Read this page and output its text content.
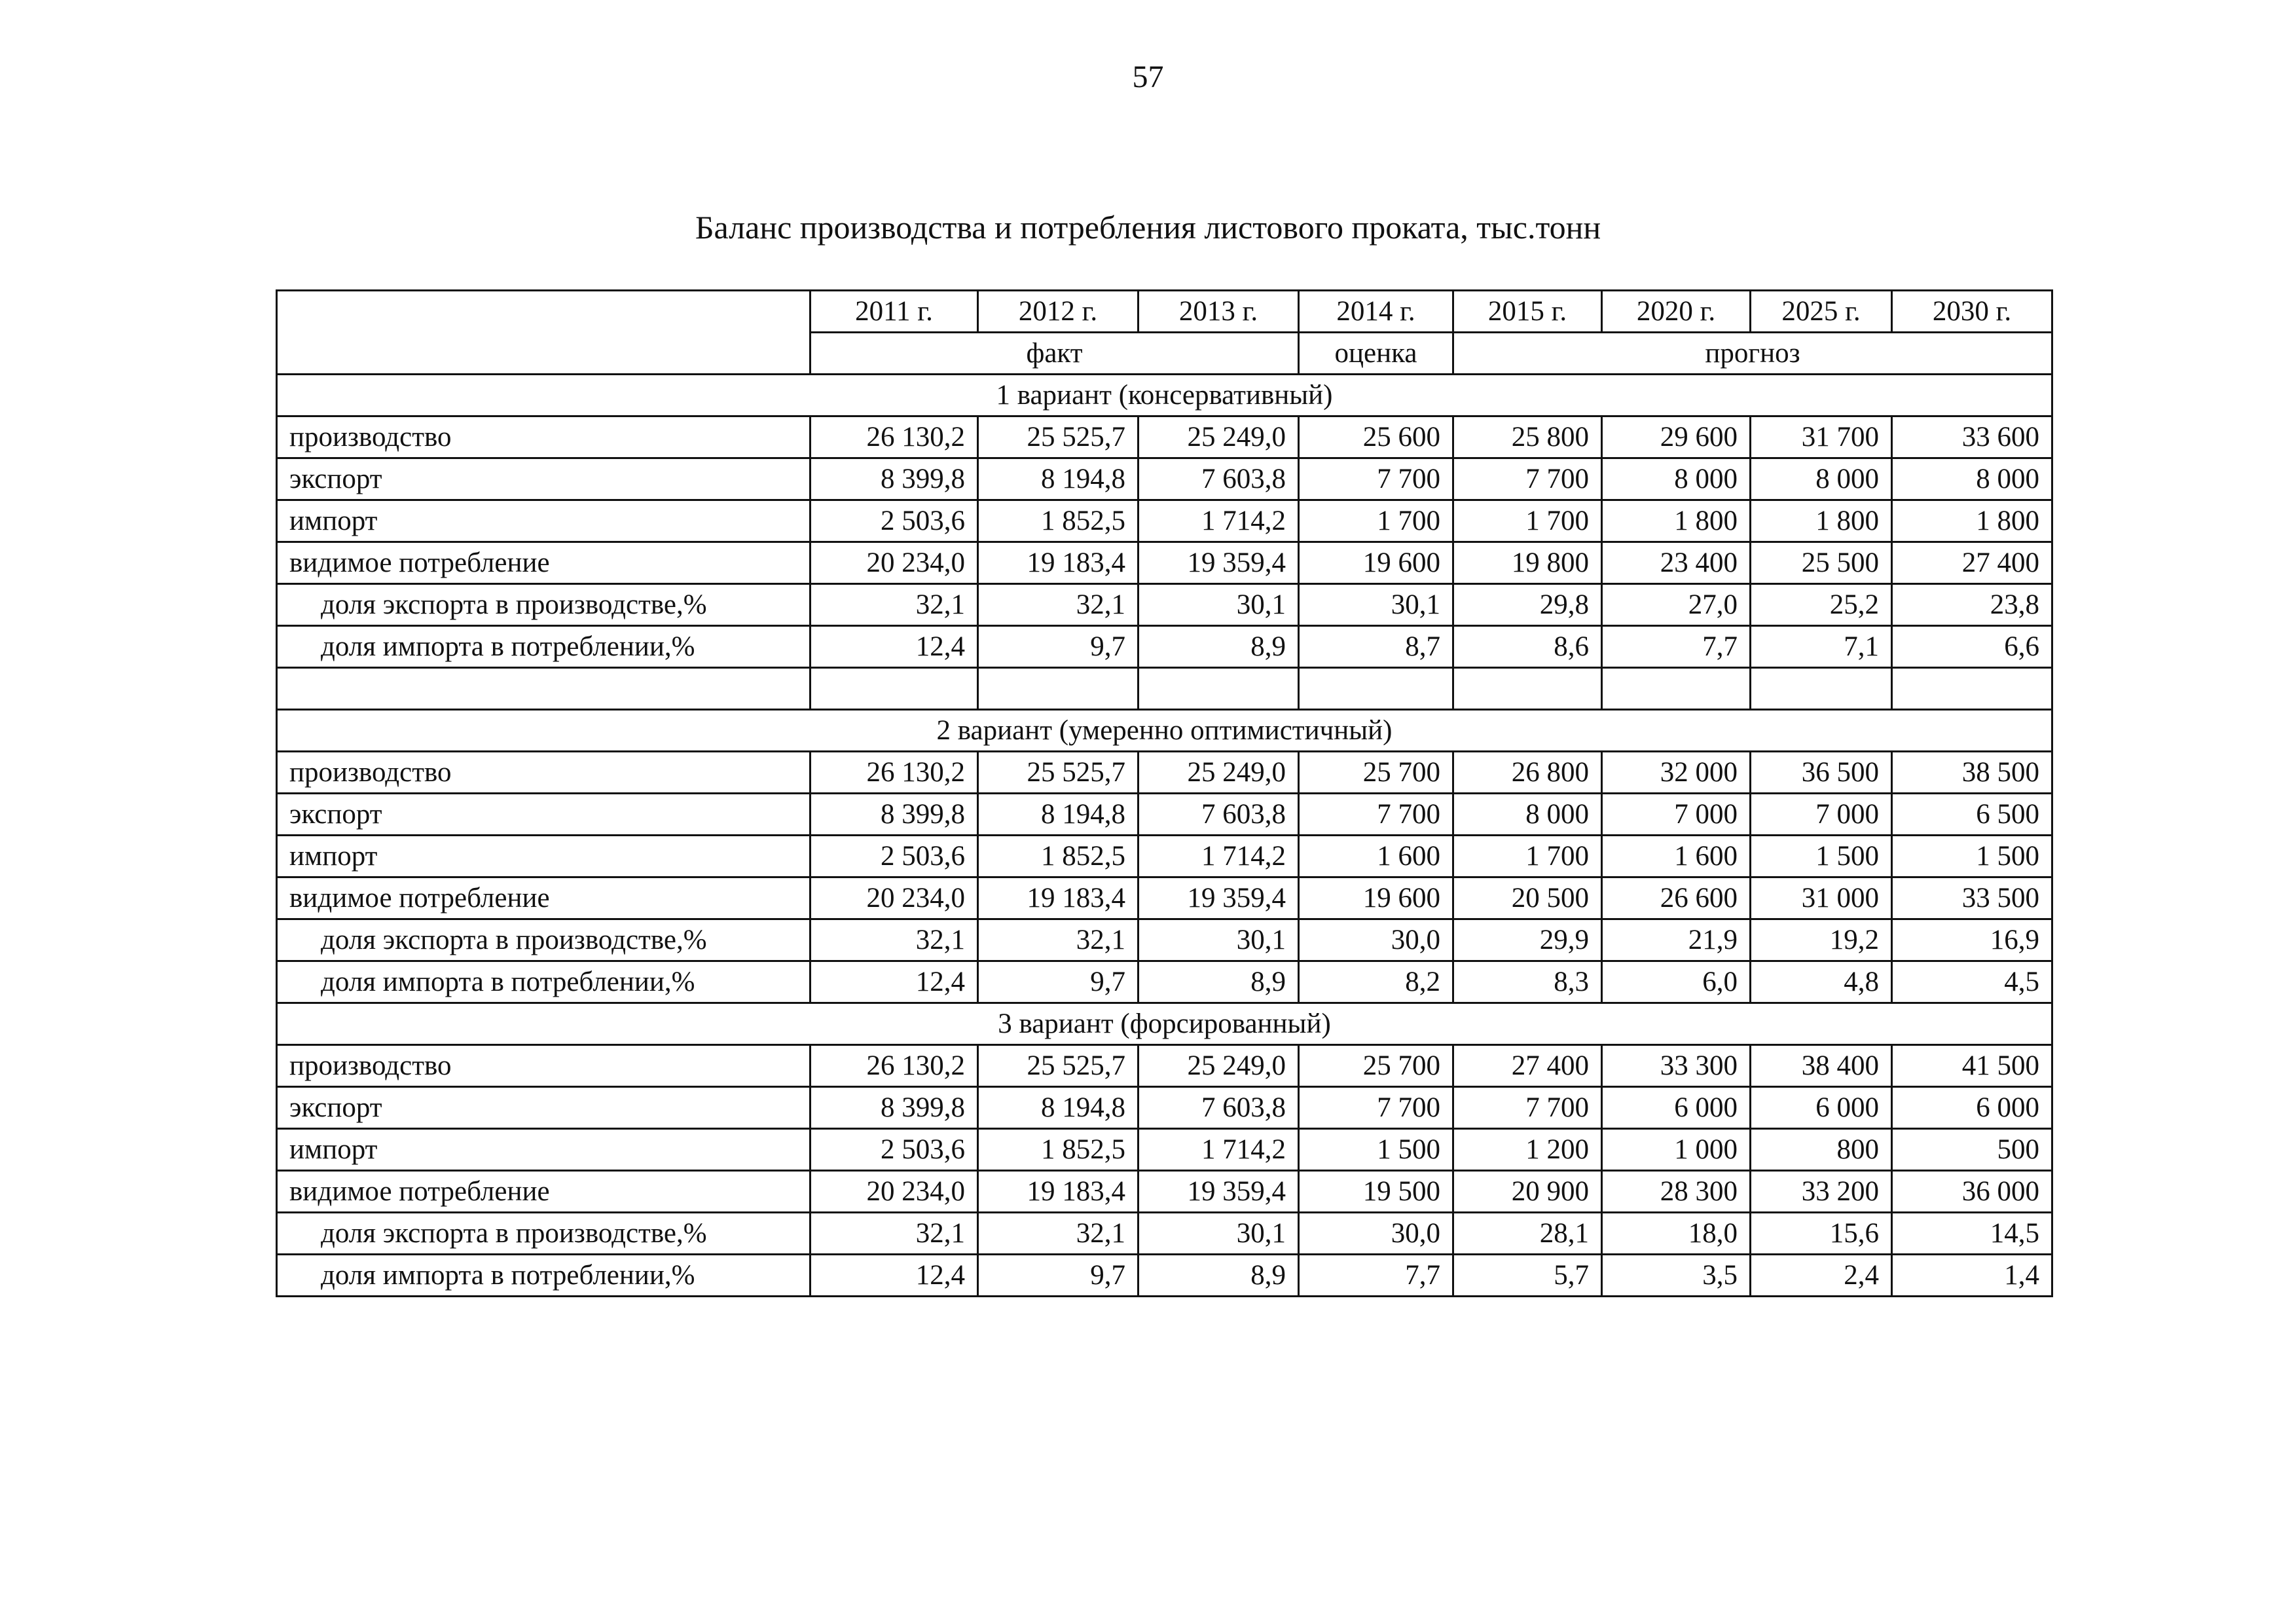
57
Баланс производства и потребления листового проката, тыс.тонн
	2011 г.	2012 г.	2013 г.	2014 г.	2015 г.	2020 г.	2025 г.	2030 г.
	факт			оценка	прогноз			
1 вариант (консервативный)								
производство	26 130,2	25 525,7	25 249,0	25 600	25 800	29 600	31 700	33 600
экспорт	8 399,8	8 194,8	7 603,8	7 700	7 700	8 000	8 000	8 000
импорт	2 503,6	1 852,5	1 714,2	1 700	1 700	1 800	1 800	1 800
видимое потребление	20 234,0	19 183,4	19 359,4	19 600	19 800	23 400	25 500	27 400
доля экспорта в производстве,%	32,1	32,1	30,1	30,1	29,8	27,0	25,2	23,8
доля импорта в потреблении,%	12,4	9,7	8,9	8,7	8,6	7,7	7,1	6,6

2 вариант (умеренно оптимистичный)								
производство	26 130,2	25 525,7	25 249,0	25 700	26 800	32 000	36 500	38 500
экспорт	8 399,8	8 194,8	7 603,8	7 700	8 000	7 000	7 000	6 500
импорт	2 503,6	1 852,5	1 714,2	1 600	1 700	1 600	1 500	1 500
видимое потребление	20 234,0	19 183,4	19 359,4	19 600	20 500	26 600	31 000	33 500
доля экспорта в производстве,%	32,1	32,1	30,1	30,0	29,9	21,9	19,2	16,9
доля импорта в потреблении,%	12,4	9,7	8,9	8,2	8,3	6,0	4,8	4,5
3 вариант (форсированный)								
производство	26 130,2	25 525,7	25 249,0	25 700	27 400	33 300	38 400	41 500
экспорт	8 399,8	8 194,8	7 603,8	7 700	7 700	6 000	6 000	6 000
импорт	2 503,6	1 852,5	1 714,2	1 500	1 200	1 000	800	500
видимое потребление	20 234,0	19 183,4	19 359,4	19 500	20 900	28 300	33 200	36 000
доля экспорта в производстве,%	32,1	32,1	30,1	30,0	28,1	18,0	15,6	14,5
доля импорта в потреблении,%	12,4	9,7	8,9	7,7	5,7	3,5	2,4	1,4
